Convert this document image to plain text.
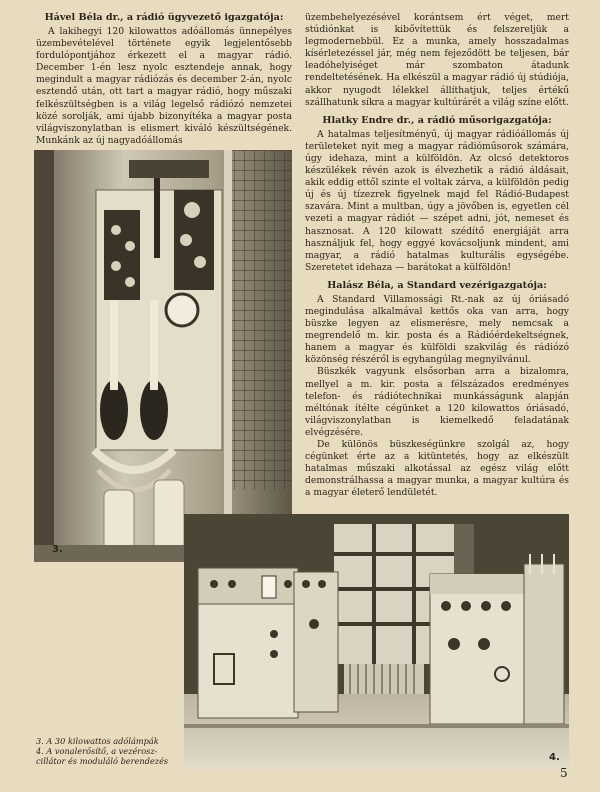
Hável Béla dr., a rádió ügyvezető igazgatója:

A lakihegyi 120 kilowattos adóállomás ünnepélyes üzembevételével története egyik legjelentősebb fordulópontjához érkezett el a magyar rádió. December 1-én lesz nyolc esztendeje annak, hogy megindult a magyar rádiózás és december 2-án, nyolc esztendő után, ott tart a magyar rádió, hogy műszaki felkészültségben is a világ legelső rádiózó nemzetei közé sorolják, ami újabb bizonyítéka a magyar posta világviszonylatban is elismert kiváló készültségének. Munkánk az új nagyadóállomás

üzembehelyezésével korántsem ért véget, mert stúdiónkat is kibővítettük és felszereljük a legmodernebbül. Ez a munka, amely hosszadalmas kísérletezéssel jár, még nem fejeződött be teljesen, bár leadóhelyiséget már szombaton átadunk rendeltetésének. Ha elkészül a magyar rádió új stúdiója, akkor nyugodt lélekkel állíthatjuk, teljes értékű szállhatunk síkra a magyar kultúrárét a világ színe előtt.

Hlatky Endre dr., a rádió műsorigazgatója:

A hatalmas teljesítményű, új magyar rádióállomás új területeket nyit meg a magyar rádióműsorok számára, úgy idehaza, mint a külföldön. Az olcsó detektoros készülékek révén azok is élvezhetik a rádió áldásait, akik eddig ettől szinte el voltak zárva, a külföldön pedig új és új tízezrek figyelnek majd fel Rádió-Budapest szavára. Mint a multban, úgy a jövőben is, egyetlen cél vezeti a magyar rádiót — szépet adni, jót, nemeset és hasznosat. A 120 kilowatt szédítő energiáját arra használjuk fel, hogy eggyé kovácsoljunk mindent, ami magyar, a rádió hatalmas kulturális egységébe. Szeretetet idehaza — barátokat a külföldön!

Halász Béla, a Standard vezérigazgatója:

A Standard Villamossági Rt.-nak az új óriásadó megindulása alkalmával kettős oka van arra, hogy büszke legyen az elismerésre, mely nemcsak a megrendelő m. kir. posta és a Rádióérdekeltségnek, hanem a magyar és külföldi szakvilág és rádiózó közönség részéről is egyhangúlag megnyilvánul.

Büszkék vagyunk elsősorban arra a bizalomra, mellyel a m. kir. posta a félszázados eredményes telefon- és rádiótechnikai munkásságunk alapján méltónak ítélte cégünket a 120 kilowattos óriásadó, világviszonylatban is kiemelkedő feladatának elvégzésére.

De különös büszkeségünkre szolgál az, hogy cégünket érte az a kitüntetés, hogy az elkészült hatalmas műszaki alkotással az egész világ előtt demonstrálhassa a magyar munka, a magyar kultúra és a magyar életerő lendületét.

3.
4.
3. A 30 kilowattos adólámpák
4. A vonalerősítő, a vezérosz-
cillátor és moduláló berendezés
5
